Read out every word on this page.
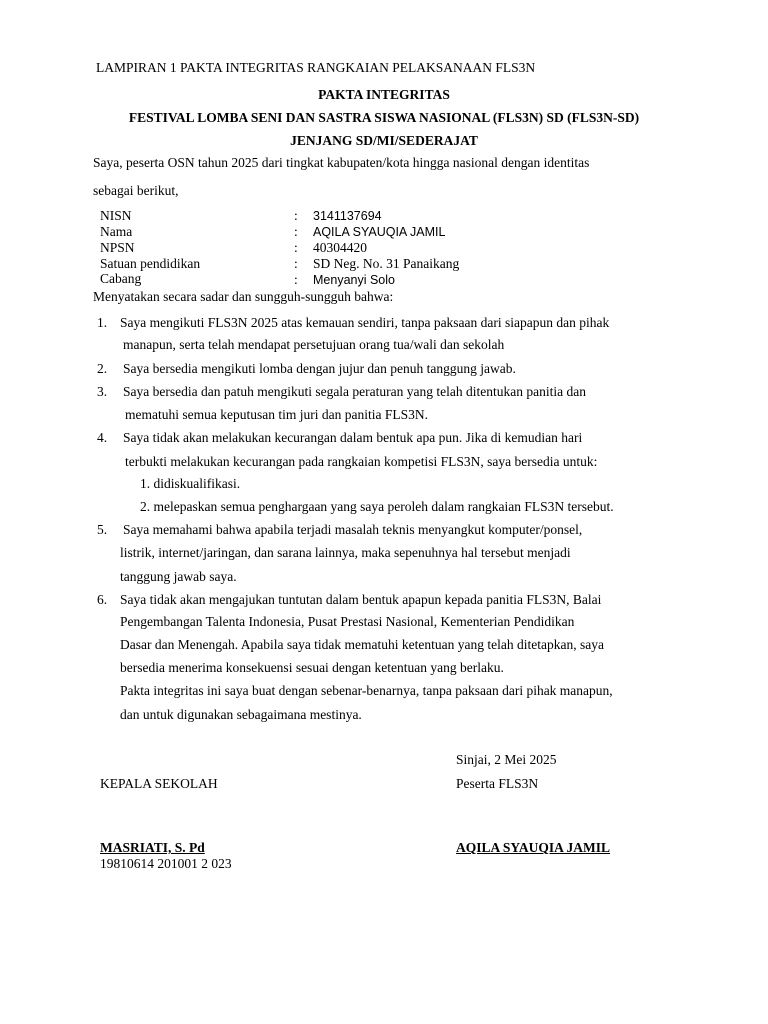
LAMPIRAN 1 PAKTA INTEGRITAS RANGKAIAN PELAKSANAAN FLS3N
PAKTA INTEGRITAS
FESTIVAL LOMBA SENI DAN SASTRA SISWA NASIONAL (FLS3N) SD (FLS3N-SD)
JENJANG SD/MI/SEDERAJAT
Saya, peserta OSN tahun 2025 dari tingkat kabupaten/kota hingga nasional dengan identitas
sebagai berikut,
NISN	: 3141137694
Nama	: AQILA SYAUQIA JAMIL
NPSN	: 40304420
Satuan pendidikan	: SD Neg. No. 31 Panaikang
Cabang	: Menyanyi Solo
Menyatakan secara sadar dan sungguh-sungguh bahwa:
1. Saya mengikuti FLS3N 2025 atas kemauan sendiri, tanpa paksaan dari siapapun dan pihak
manapun, serta telah mendapat persetujuan orang tua/wali dan sekolah
2. Saya bersedia mengikuti lomba dengan jujur dan penuh tanggung jawab.
3. Saya bersedia dan patuh mengikuti segala peraturan yang telah ditentukan panitia dan
mematuhi semua keputusan tim juri dan panitia FLS3N.
4. Saya tidak akan melakukan kecurangan dalam bentuk apa pun. Jika di kemudian hari
terbukti melakukan kecurangan pada rangkaian kompetisi FLS3N, saya bersedia untuk:
1. didiskualifikasi.
2. melepaskan semua penghargaan yang saya peroleh dalam rangkaian FLS3N tersebut.
5. Saya memahami bahwa apabila terjadi masalah teknis menyangkut komputer/ponsel,
listrik, internet/jaringan, dan sarana lainnya, maka sepenuhnya hal tersebut menjadi
tanggung jawab saya.
6. Saya tidak akan mengajukan tuntutan dalam bentuk apapun kepada panitia FLS3N, Balai
Pengembangan Talenta Indonesia, Pusat Prestasi Nasional, Kementerian Pendidikan
Dasar dan Menengah. Apabila saya tidak mematuhi ketentuan yang telah ditetapkan, saya
bersedia menerima konsekuensi sesuai dengan ketentuan yang berlaku.
Pakta integritas ini saya buat dengan sebenar-benarnya, tanpa paksaan dari pihak manapun,
dan untuk digunakan sebagaimana mestinya.
Sinjai, 2 Mei 2025
KEPALA SEKOLAH	Peserta FLS3N
MASRIATI, S. Pd
19810614 201001 2 023
AQILA SYAUQIA JAMIL
